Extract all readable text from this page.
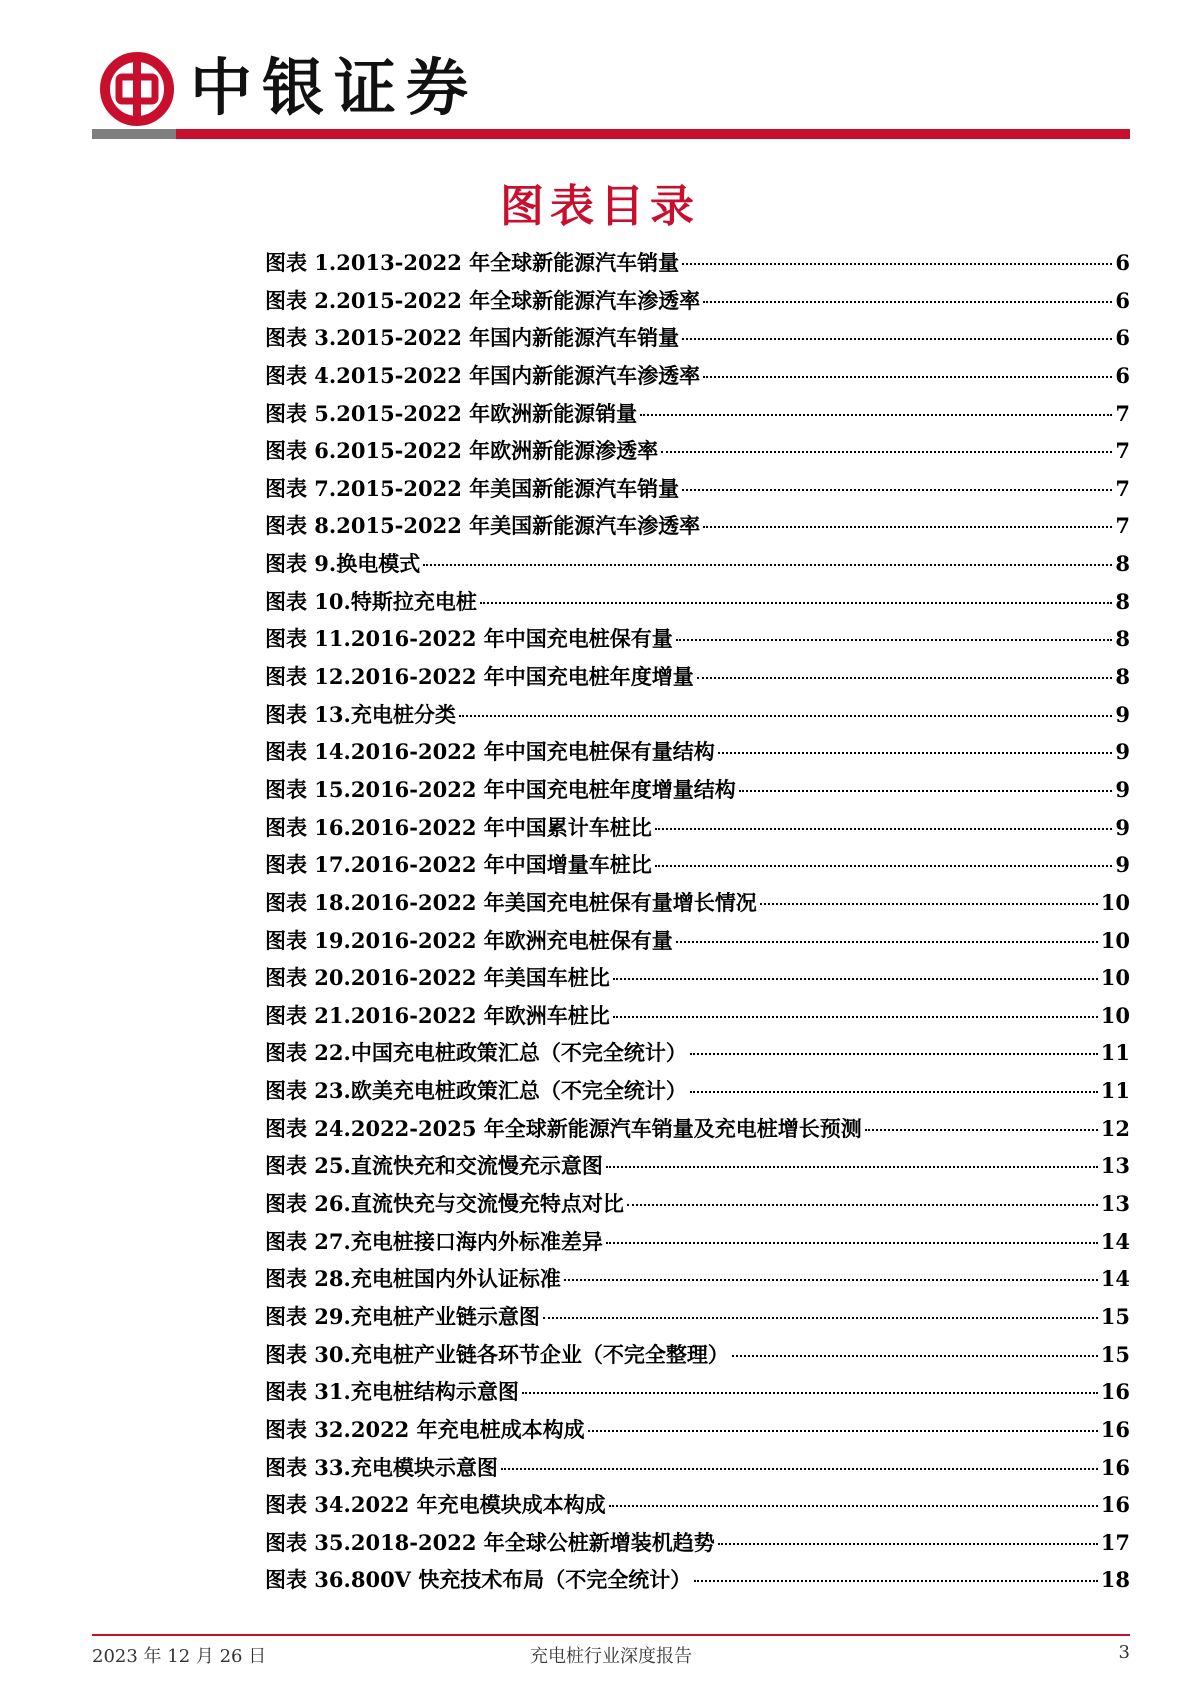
中银证券
图表目录
图表 1.2013-2022 年全球新能源汽车销量	6
图表 2.2015-2022 年全球新能源汽车渗透率	6
图表 3.2015-2022 年国内新能源汽车销量	6
图表 4.2015-2022 年国内新能源汽车渗透率	6
图表 5.2015-2022 年欧洲新能源销量	7
图表 6.2015-2022 年欧洲新能源渗透率	7
图表 7.2015-2022 年美国新能源汽车销量	7
图表 8.2015-2022 年美国新能源汽车渗透率	7
图表 9.换电模式	8
图表 10.特斯拉充电桩	8
图表 11.2016-2022 年中国充电桩保有量	8
图表 12.2016-2022 年中国充电桩年度增量	8
图表 13.充电桩分类	9
图表 14.2016-2022 年中国充电桩保有量结构	9
图表 15.2016-2022 年中国充电桩年度增量结构	9
图表 16.2016-2022 年中国累计车桩比	9
图表 17.2016-2022 年中国增量车桩比	9
图表 18.2016-2022 年美国充电桩保有量增长情况	10
图表 19.2016-2022 年欧洲充电桩保有量	10
图表 20.2016-2022 年美国车桩比	10
图表 21.2016-2022 年欧洲车桩比	10
图表 22.中国充电桩政策汇总（不完全统计）	11
图表 23.欧美充电桩政策汇总（不完全统计）	11
图表 24.2022-2025 年全球新能源汽车销量及充电桩增长预测	12
图表 25.直流快充和交流慢充示意图	13
图表 26.直流快充与交流慢充特点对比	13
图表 27.充电桩接口海内外标准差异	14
图表 28.充电桩国内外认证标准	14
图表 29.充电桩产业链示意图	15
图表 30.充电桩产业链各环节企业（不完全整理）	15
图表 31.充电桩结构示意图	16
图表 32.2022 年充电桩成本构成	16
图表 33.充电模块示意图	16
图表 34.2022 年充电模块成本构成	16
图表 35.2018-2022 年全球公桩新增装机趋势	17
图表 36.800V 快充技术布局（不完全统计）	18
2023 年 12 月 26 日	充电桩行业深度报告	3
